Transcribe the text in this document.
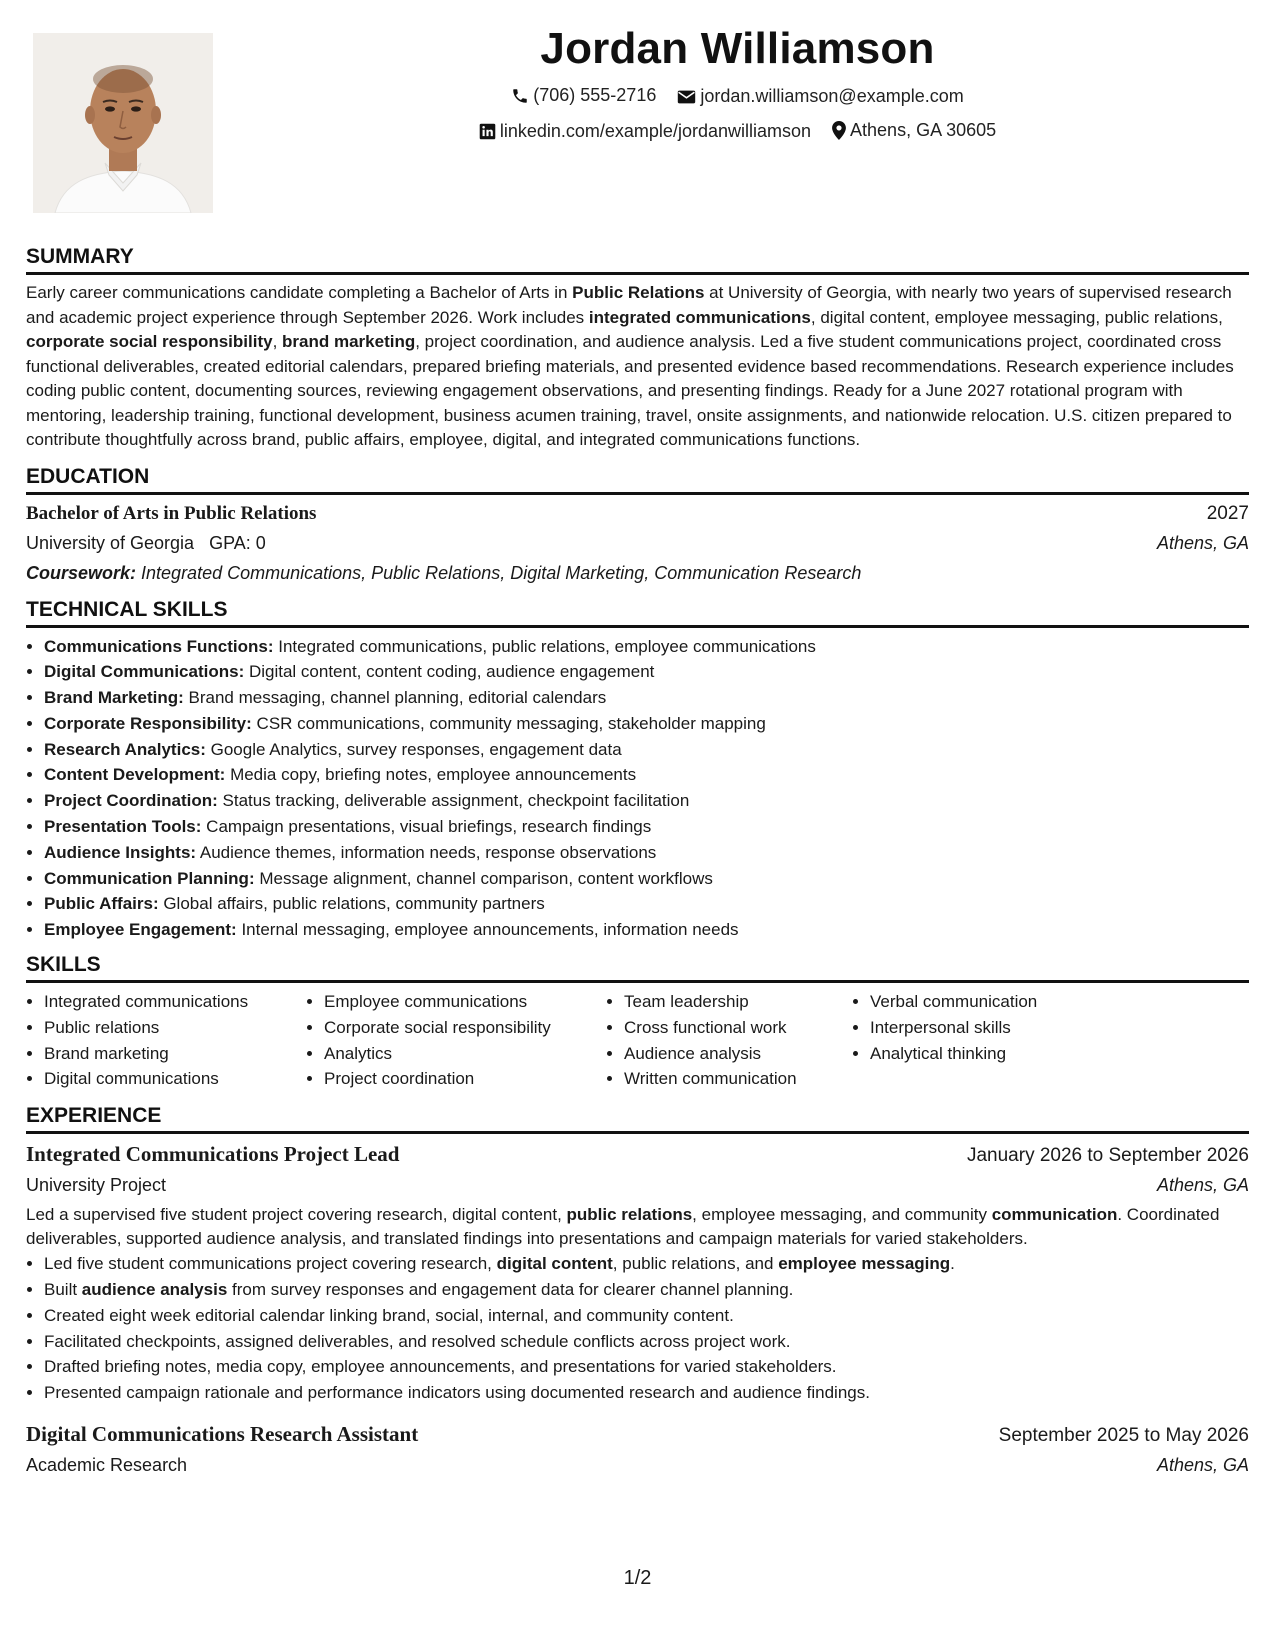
Jordan Williamson
(706) 555-2716
jordan.williamson@example.com
linkedin.com/example/jordanwilliamson
Athens, GA 30605
SUMMARY

Early career communications candidate completing a Bachelor of Arts in Public Relations at University of Georgia, with nearly two years of supervised research and academic project experience through September 2026. Work includes integrated communications, digital content, employee messaging, public relations, corporate social responsibility, brand marketing, project coordination, and audience analysis. Led a five student communications project, coordinated cross functional deliverables, created editorial calendars, prepared briefing materials, and presented evidence based recommendations. Research experience includes coding public content, documenting sources, reviewing engagement observations, and presenting findings. Ready for a June 2027 rotational program with mentoring, leadership training, functional development, business acumen training, travel, onsite assignments, and nationwide relocation. U.S. citizen prepared to contribute thoughtfully across brand, public affairs, employee, digital, and integrated communications functions.

EDUCATION
Bachelor of Arts in Public Relations	2027
University of Georgia   GPA: 0	Athens, GA
Coursework: Integrated Communications, Public Relations, Digital Marketing, Communication Research
TECHNICAL SKILLS
• Communications Functions: Integrated communications, public relations, employee communications
• Digital Communications: Digital content, content coding, audience engagement
• Brand Marketing: Brand messaging, channel planning, editorial calendars
• Corporate Responsibility: CSR communications, community messaging, stakeholder mapping
• Research Analytics: Google Analytics, survey responses, engagement data
• Content Development: Media copy, briefing notes, employee announcements
• Project Coordination: Status tracking, deliverable assignment, checkpoint facilitation
• Presentation Tools: Campaign presentations, visual briefings, research findings
• Audience Insights: Audience themes, information needs, response observations
• Communication Planning: Message alignment, channel comparison, content workflows
• Public Affairs: Global affairs, public relations, community partners
• Employee Engagement: Internal messaging, employee announcements, information needs
SKILLS
• Integrated communications
• Public relations
• Brand marketing
• Digital communications
• Employee communications
• Corporate social responsibility
• Analytics
• Project coordination
• Team leadership
• Cross functional work
• Audience analysis
• Written communication
• Verbal communication
• Interpersonal skills
• Analytical thinking
EXPERIENCE
Integrated Communications Project Lead	January 2026 to September 2026
University Project	Athens, GA
Led a supervised five student project covering research, digital content, public relations, employee messaging, and community communication. Coordinated deliverables, supported audience analysis, and translated findings into presentations and campaign materials for varied stakeholders.
• Led five student communications project covering research, digital content, public relations, and employee messaging.
• Built audience analysis from survey responses and engagement data for clearer channel planning.
• Created eight week editorial calendar linking brand, social, internal, and community content.
• Facilitated checkpoints, assigned deliverables, and resolved schedule conflicts across project work.
• Drafted briefing notes, media copy, employee announcements, and presentations for varied stakeholders.
• Presented campaign rationale and performance indicators using documented research and audience findings.
Digital Communications Research Assistant	September 2025 to May 2026
Academic Research	Athens, GA
1/2
